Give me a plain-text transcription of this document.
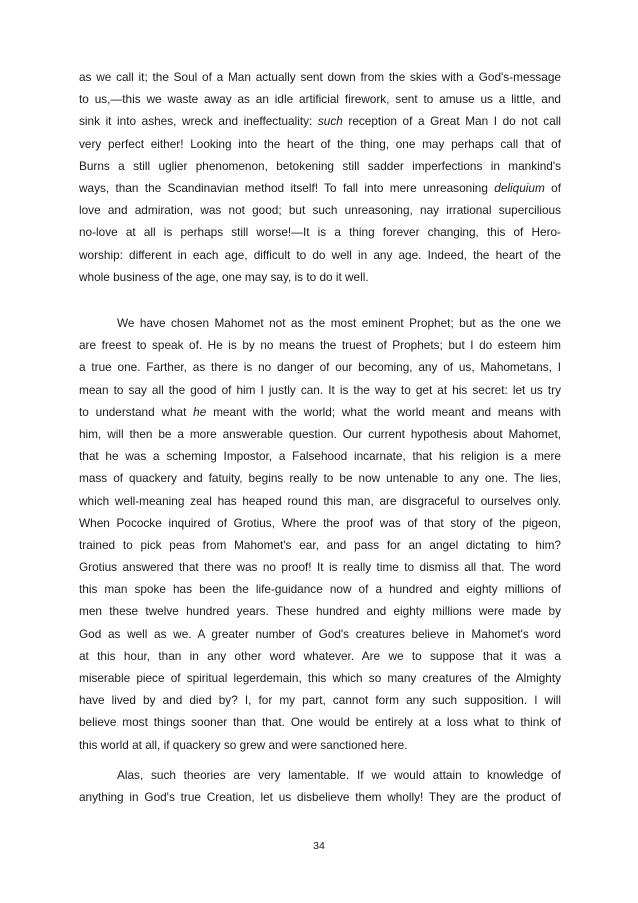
as we call it; the Soul of a Man actually sent down from the skies with a God's-message
to us,—this we waste away as an idle artificial firework, sent to amuse us a little, and
sink it into ashes, wreck and ineffectuality: such reception of a Great Man I do not call
very perfect either! Looking into the heart of the thing, one may perhaps call that of
Burns a still uglier phenomenon, betokening still sadder imperfections in mankind's
ways, than the Scandinavian method itself! To fall into mere unreasoning deliquium of
love and admiration, was not good; but such unreasoning, nay irrational supercilious
no-love at all is perhaps still worse!—It is a thing forever changing, this of Hero-
worship: different in each age, difficult to do well in any age. Indeed, the heart of the
whole business of the age, one may say, is to do it well.
We have chosen Mahomet not as the most eminent Prophet; but as the one we
are freest to speak of. He is by no means the truest of Prophets; but I do esteem him
a true one. Farther, as there is no danger of our becoming, any of us, Mahometans, I
mean to say all the good of him I justly can. It is the way to get at his secret: let us try
to understand what he meant with the world; what the world meant and means with
him, will then be a more answerable question. Our current hypothesis about Mahomet,
that he was a scheming Impostor, a Falsehood incarnate, that his religion is a mere
mass of quackery and fatuity, begins really to be now untenable to any one. The lies,
which well-meaning zeal has heaped round this man, are disgraceful to ourselves only.
When Pococke inquired of Grotius, Where the proof was of that story of the pigeon,
trained to pick peas from Mahomet's ear, and pass for an angel dictating to him?
Grotius answered that there was no proof! It is really time to dismiss all that. The word
this man spoke has been the life-guidance now of a hundred and eighty millions of
men these twelve hundred years. These hundred and eighty millions were made by
God as well as we. A greater number of God's creatures believe in Mahomet's word
at this hour, than in any other word whatever. Are we to suppose that it was a
miserable piece of spiritual legerdemain, this which so many creatures of the Almighty
have lived by and died by? I, for my part, cannot form any such supposition. I will
believe most things sooner than that. One would be entirely at a loss what to think of
this world at all, if quackery so grew and were sanctioned here.
Alas, such theories are very lamentable. If we would attain to knowledge of
anything in God's true Creation, let us disbelieve them wholly! They are the product of
34
